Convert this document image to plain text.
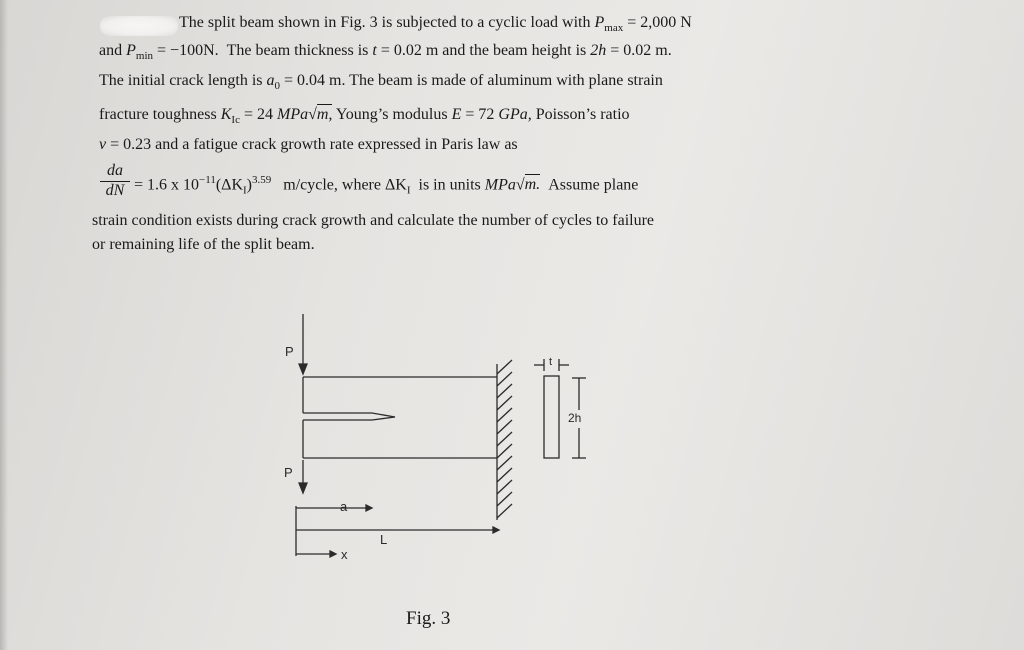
The split beam shown in Fig. 3 is subjected to a cyclic load with $P_{max} = 2,000$ N
and $P_{min} = -100N$. The beam thickness is t = 0.02 m and the beam height is 2h = 0.02 m.
The initial crack length is $a_0 = 0.04$ m. The beam is made of aluminum with plane strain
fracture toughness $K_{Ic} = 24$ MPa√m, Young’s modulus E = 72 GPa, Poisson’s ratio
ν = 0.23 and a fatigue crack growth rate expressed in Paris law as
$\frac{da}{dN} = 1.6$ x $10^{-11}(\Delta K_I)^{3.59}$ m/cycle, where $\Delta K_I$ is in units MPa√m. Assume plane
strain condition exists during crack growth and calculate the number of cycles to failure
or remaining life of the split beam.
P
P
a
L
x
t
2h
Fig. 3
